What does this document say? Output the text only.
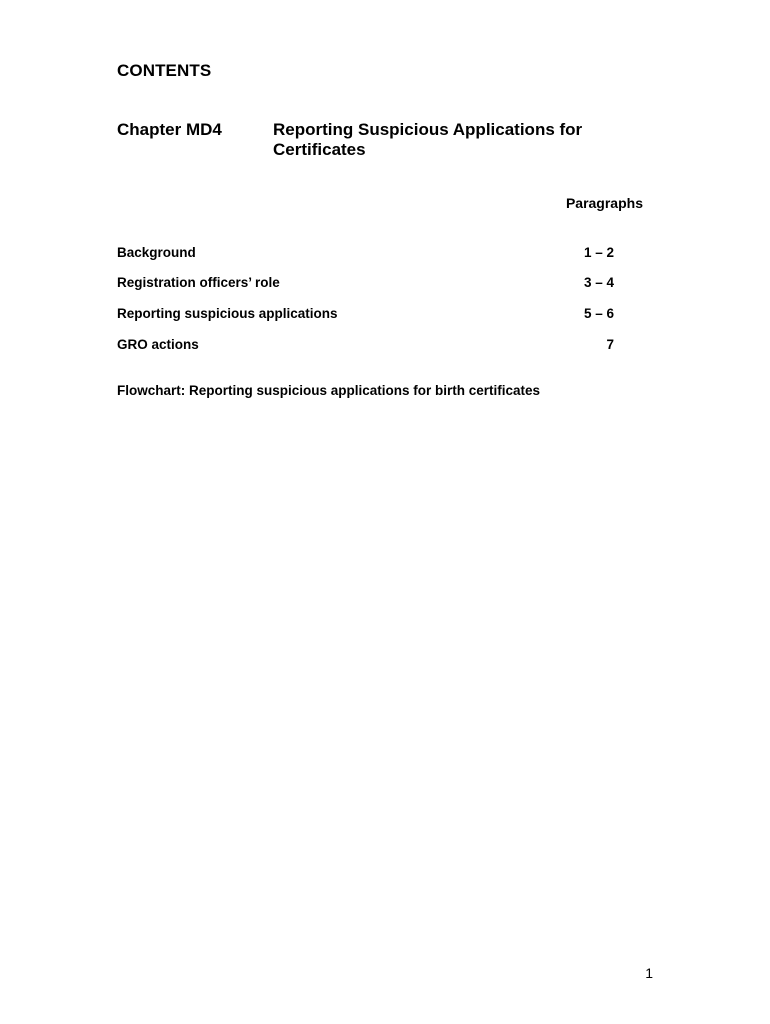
CONTENTS
Chapter MD4	Reporting Suspicious Applications for Certificates
Paragraphs
Background	1 – 2
Registration officers’ role	3 – 4
Reporting suspicious applications	5 – 6
GRO actions	7
Flowchart: Reporting suspicious applications for birth certificates
1
